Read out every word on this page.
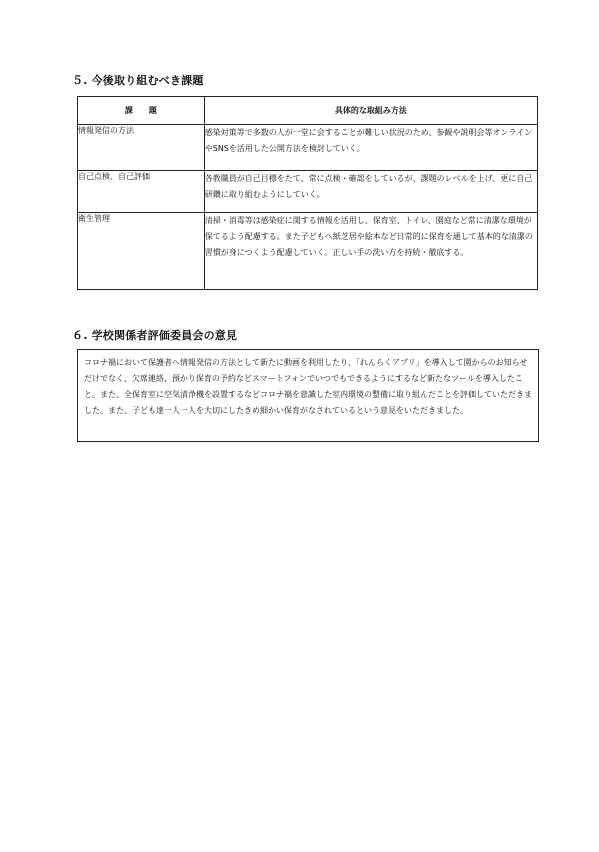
５. 今後取り組むべき課題
課　　題	具体的な取組み方法
情報発信の方法	感染対策等で多数の人が一堂に会することが難しい状況のため、参観や説明会等オンラインやSNSを活用した公開方法を検討していく。
自己点検、自己評価	各教職員が自己目標をたて、常に点検・確認をしているが、課題のレベルを上げ、更に自己研鑽に取り組むようにしていく。
衛生管理	清掃・消毒等は感染症に関する情報を活用し、保育室、トイレ、園庭など常に清潔な環境が保てるよう配慮する。また子どもへ紙芝居や絵本など日常的に保育を通して基本的な清潔の習慣が身につくよう配慮していく。正しい手の洗い方を持続・徹底する。
６. 学校関係者評価委員会の意見
コロナ禍において保護者へ情報発信の方法として新たに動画を利用したり、「れんらくアプリ」を導入して園からのお知らせだけでなく、欠席連絡、預かり保育の予約などスマートフォンでいつでもできるようにするなど新たなツールを導入したこと。また、全保育室に空気清浄機を設置するなどコロナ禍を意識した室内環境の整備に取り組んだことを評価していただきました。また、子ども達一人一人を大切にしたきめ細かい保育がなされているという意見をいただきました。
